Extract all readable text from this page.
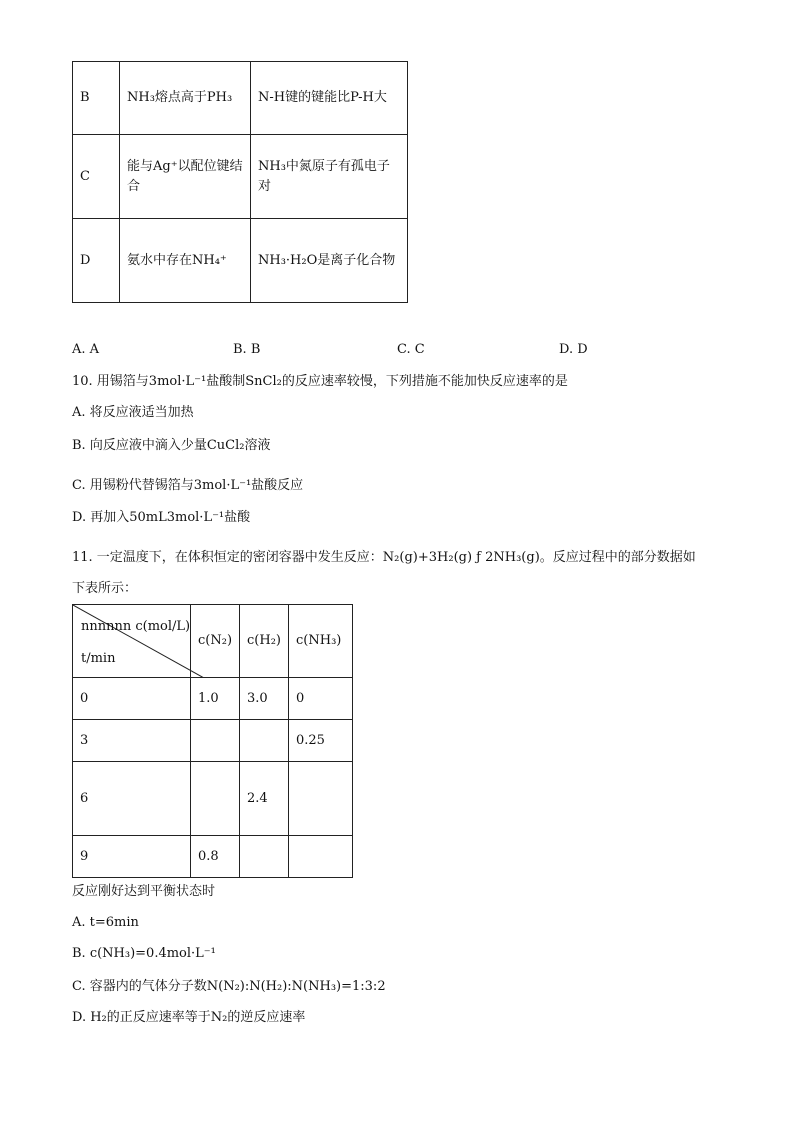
B	NH₃熔点高于PH₃	N-H键的键能比P-H大
C	能与Ag⁺以配位键结合	NH₃中氮原子有孤电子对
D	氨水中存在NH₄⁺	NH₃·H₂O是离子化合物
A. A	B. B	C. C	D. D
10. 用锡箔与3mol·L⁻¹盐酸制SnCl₂的反应速率较慢，下列措施不能加快反应速率的是
A. 将反应液适当加热
B. 向反应液中滴入少量CuCl₂溶液
C. 用锡粉代替锡箔与3mol·L⁻¹盐酸反应
D. 再加入50mL3mol·L⁻¹盐酸
11. 一定温度下，在体积恒定的密闭容器中发生反应：N₂(g)+3H₂(g) ƒ 2NH₃(g)。反应过程中的部分数据如
下表所示：
nnnnnn c(mol/L)
t/min	c(N₂)	c(H₂)	c(NH₃)
0	1.0	3.0	0
3			0.25
6		2.4	
9	0.8		
反应刚好达到平衡状态时
A. t=6min
B. c(NH₃)=0.4mol·L⁻¹
C. 容器内的气体分子数N(N₂):N(H₂):N(NH₃)=1:3:2
D. H₂的正反应速率等于N₂的逆反应速率
